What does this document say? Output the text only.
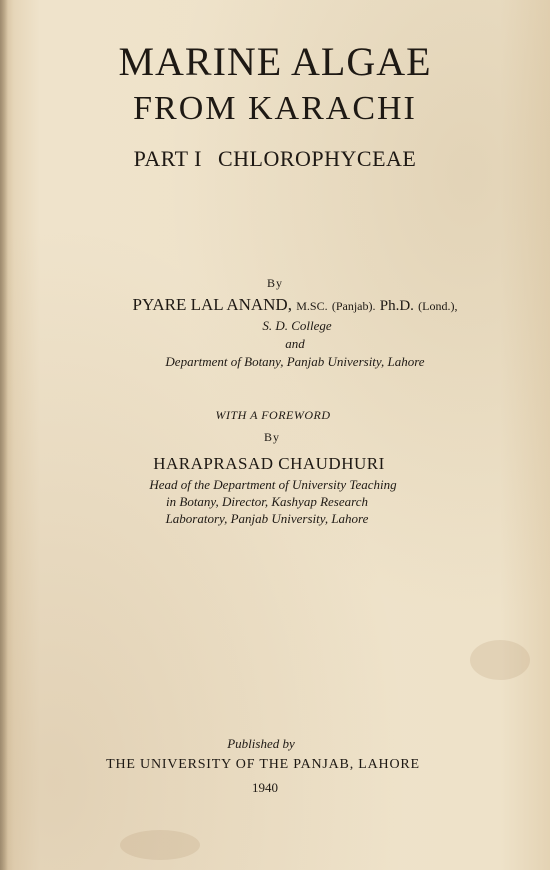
MARINE ALGAE
FROM KARACHI
PART I CHLOROPHYCEAE
By
PYARE LAL ANAND, M.SC. (Panjab). Ph.D. (Lond.),
S. D. College
and
Department of Botany, Panjab University, Lahore
WITH A FOREWORD
By
HARAPRASAD CHAUDHURI
Head of the Department of University Teaching
in Botany, Director, Kashyap Research
Laboratory, Panjab University, Lahore
Published by
THE UNIVERSITY OF THE PANJAB, LAHORE
1940
